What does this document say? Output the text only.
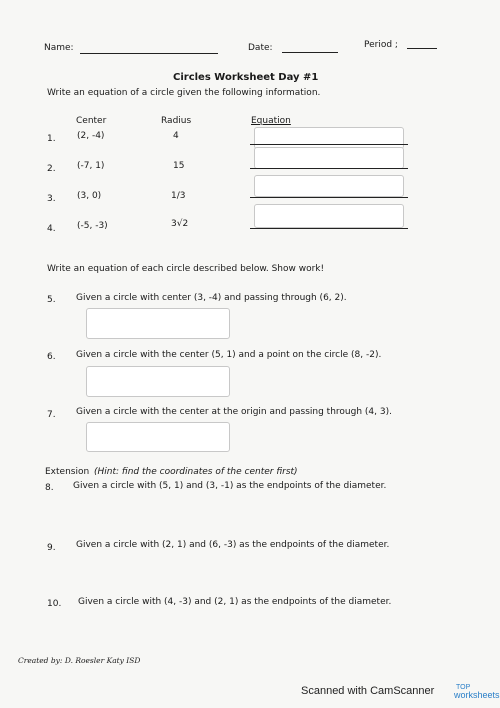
Name:	Date:	Period ;
Circles Worksheet Day #1
Write an equation of a circle given the following information.
Center	Radius	Equation
1. (2, -4)	4
2. (-7, 1)	15
3. (3, 0)	1/3
4. (-5, -3)	3√2
Write an equation of each circle described below. Show work!
5. Given a circle with center (3, -4) and passing through (6, 2).
6. Given a circle with the center (5, 1) and a point on the circle (8, -2).
7. Given a circle with the center at the origin and passing through (4, 3).
Extension (Hint: find the coordinates of the center first)
8. Given a circle with (5, 1) and (3, -1) as the endpoints of the diameter.
9. Given a circle with (2, 1) and (6, -3) as the endpoints of the diameter.
10. Given a circle with (4, -3) and (2, 1) as the endpoints of the diameter.
Created by: D. Roesler Katy ISD
Scanned with CamScanner	TOP
worksheets
